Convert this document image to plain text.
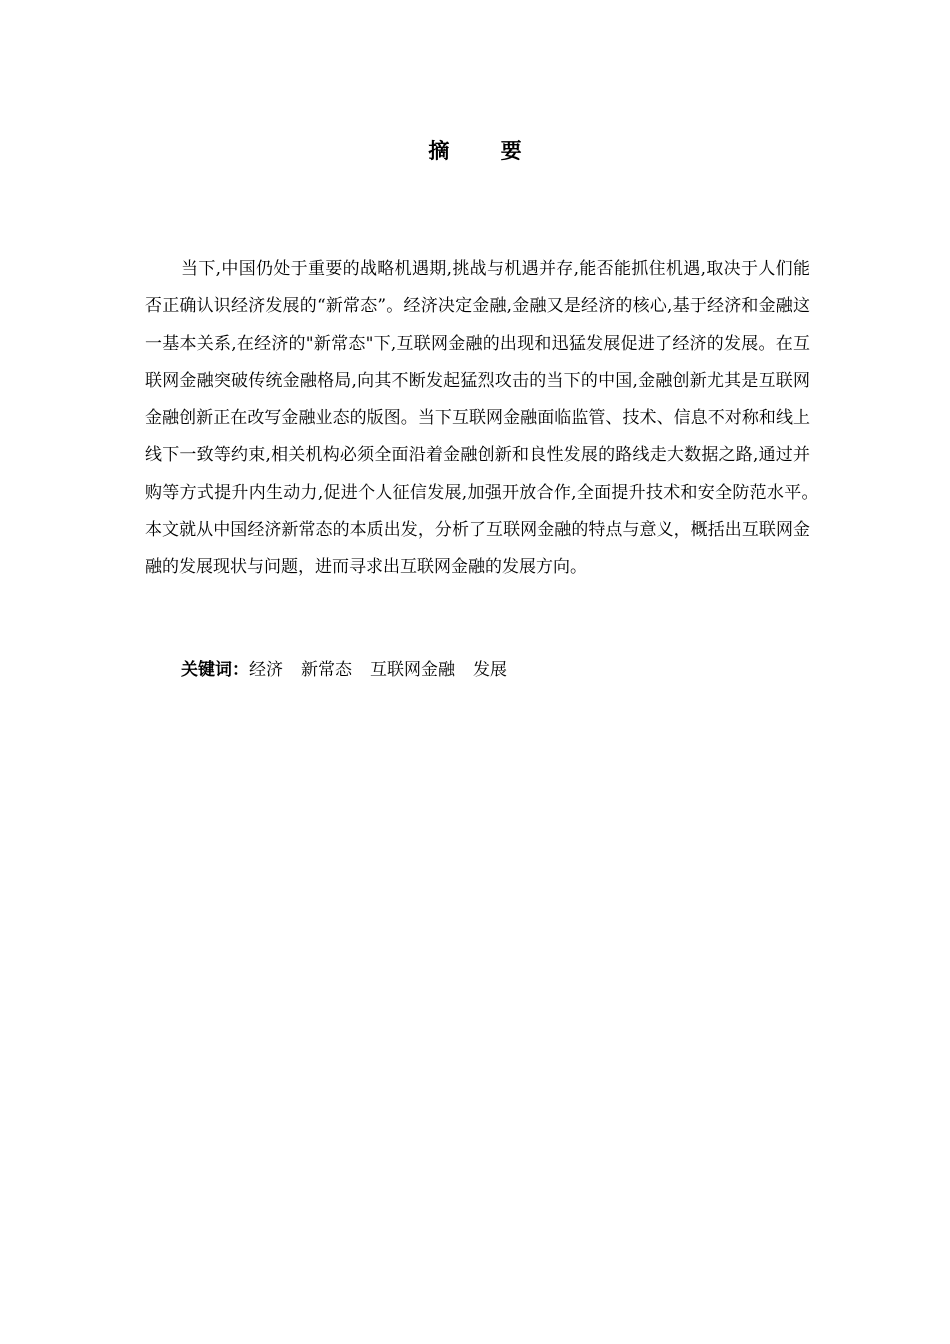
摘 要

当下,中国仍处于重要的战略机遇期,挑战与机遇并存,能否能抓住机遇,取决于人们能否正确认识经济发展的“新常态”。经济决定金融,金融又是经济的核心,基于经济和金融这一基本关系,在经济的"新常态"下,互联网金融的出现和迅猛发展促进了经济的发展。在互联网金融突破传统金融格局,向其不断发起猛烈攻击的当下的中国,金融创新尤其是互联网金融创新正在改写金融业态的版图。当下互联网金融面临监管、技术、信息不对称和线上线下一致等约束,相关机构必须全面沿着金融创新和良性发展的路线走大数据之路,通过并购等方式提升内生动力,促进个人征信发展,加强开放合作,全面提升技术和安全防范水平。　本文就从中国经济新常态的本质出发，分析了互联网金融的特点与意义，概括出互联网金融的发展现状与问题，进而寻求出互联网金融的发展方向。

关键词：经济 新常态 互联网金融 发展
